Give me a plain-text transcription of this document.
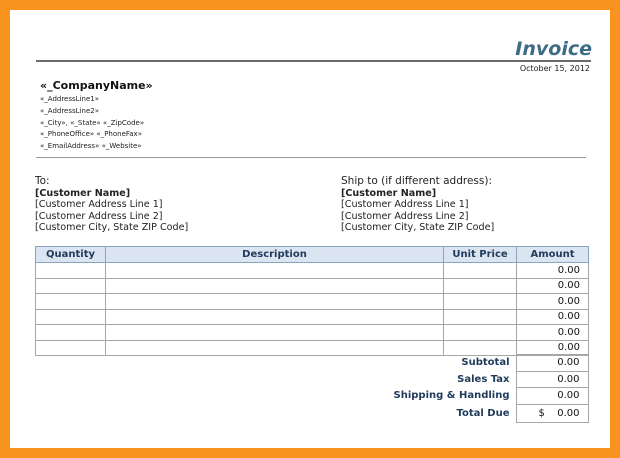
Invoice
October 15, 2012
«_CompanyName»
«_AddressLine1»
«_AddressLine2»
«_City», «_State» «_ZipCode»
«_PhoneOffice» «_PhoneFax»
«_EmailAddress» «_Website»
To:
[Customer Name]
[Customer Address Line 1]
[Customer Address Line 2]
[Customer City, State ZIP Code]
Ship to (if different address):
[Customer Name]
[Customer Address Line 1]
[Customer Address Line 2]
[Customer City, State ZIP Code]
Quantity	Description	Unit Price	Amount
			0.00
			0.00
			0.00
			0.00
			0.00
			0.00
Subtotal	0.00
Sales Tax	0.00
Shipping & Handling	0.00
Total Due	$ 0.00
